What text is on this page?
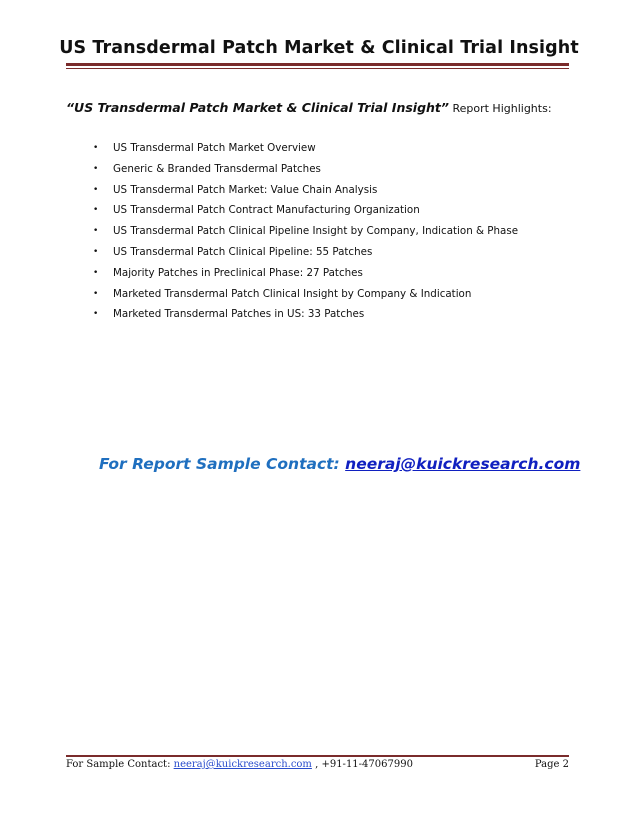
US Transdermal Patch Market & Clinical Trial Insight
“US Transdermal Patch Market & Clinical Trial Insight” Report Highlights:
• US Transdermal Patch Market Overview
• Generic & Branded Transdermal Patches
• US Transdermal Patch Market: Value Chain Analysis
• US Transdermal Patch Contract Manufacturing Organization
• US Transdermal Patch Clinical Pipeline Insight by Company, Indication & Phase
• US Transdermal Patch Clinical Pipeline: 55 Patches
• Majority Patches in Preclinical Phase: 27 Patches
• Marketed Transdermal Patch Clinical Insight by Company & Indication
• Marketed Transdermal Patches in US: 33 Patches
For Report Sample Contact: neeraj@kuickresearch.com
For Sample Contact: neeraj@kuickresearch.com , +91-11-47067990	Page 2
